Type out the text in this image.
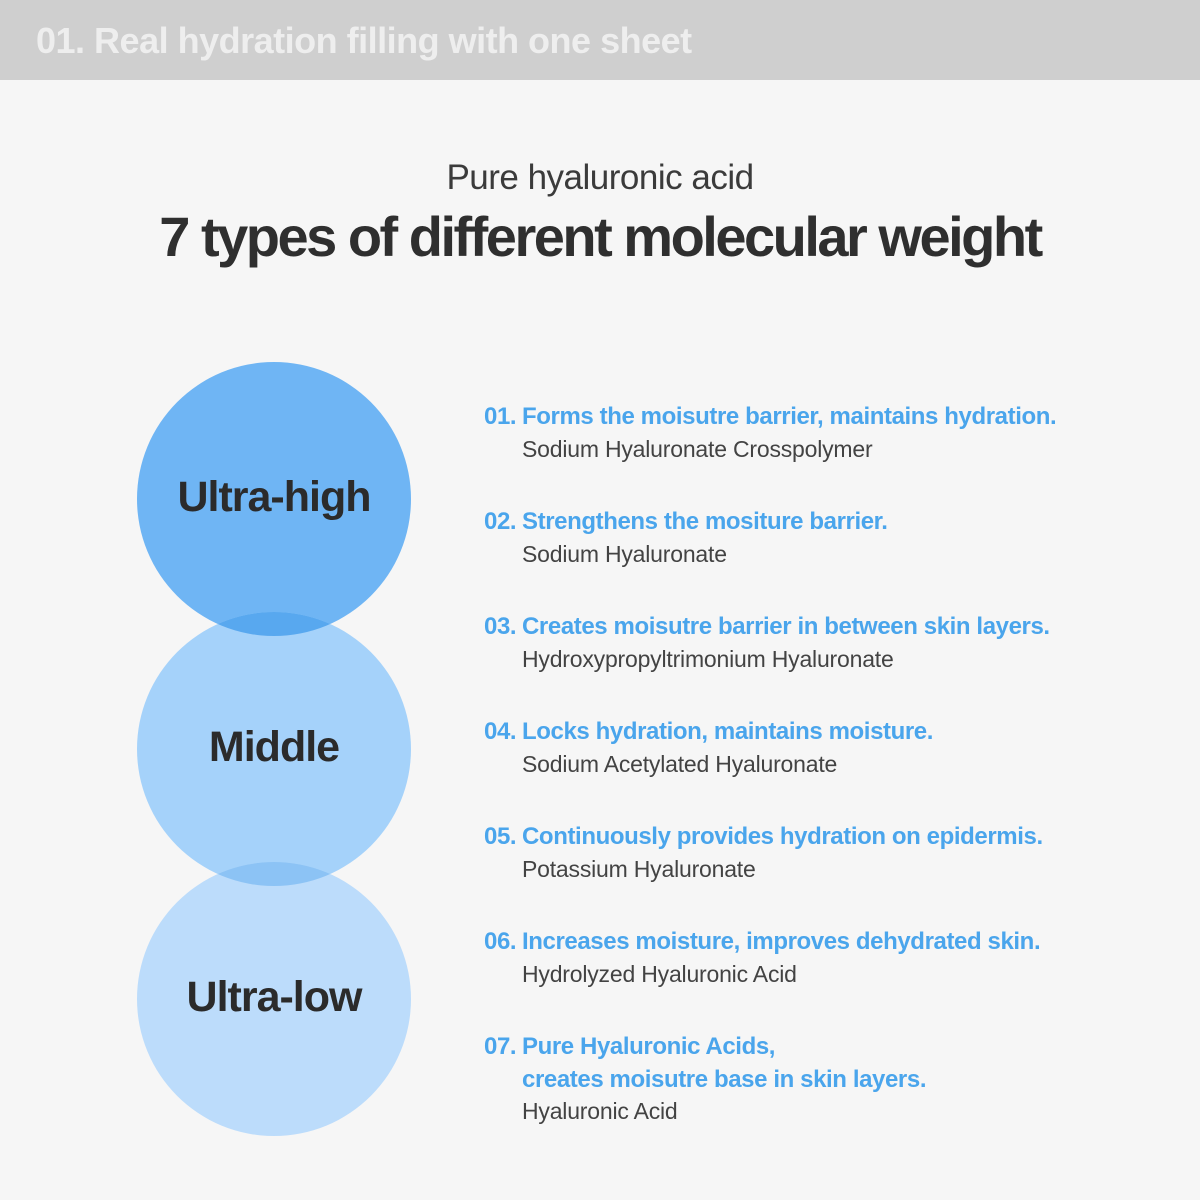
01. Real hydration filling with one sheet
Pure hyaluronic acid
7 types of different molecular weight
Ultra-high
Middle
Ultra-low
01. Forms the moisutre barrier, maintains hydration.
Sodium Hyaluronate Crosspolymer
02. Strengthens the mositure barrier.
Sodium Hyaluronate
03. Creates moisutre barrier in between skin layers.
Hydroxypropyltrimonium Hyaluronate
04. Locks hydration, maintains moisture.
Sodium Acetylated Hyaluronate
05. Continuously provides hydration on epidermis.
Potassium Hyaluronate
06. Increases moisture, improves dehydrated skin.
Hydrolyzed Hyaluronic Acid
07. Pure Hyaluronic Acids,
creates moisutre base in skin layers.
Hyaluronic Acid
